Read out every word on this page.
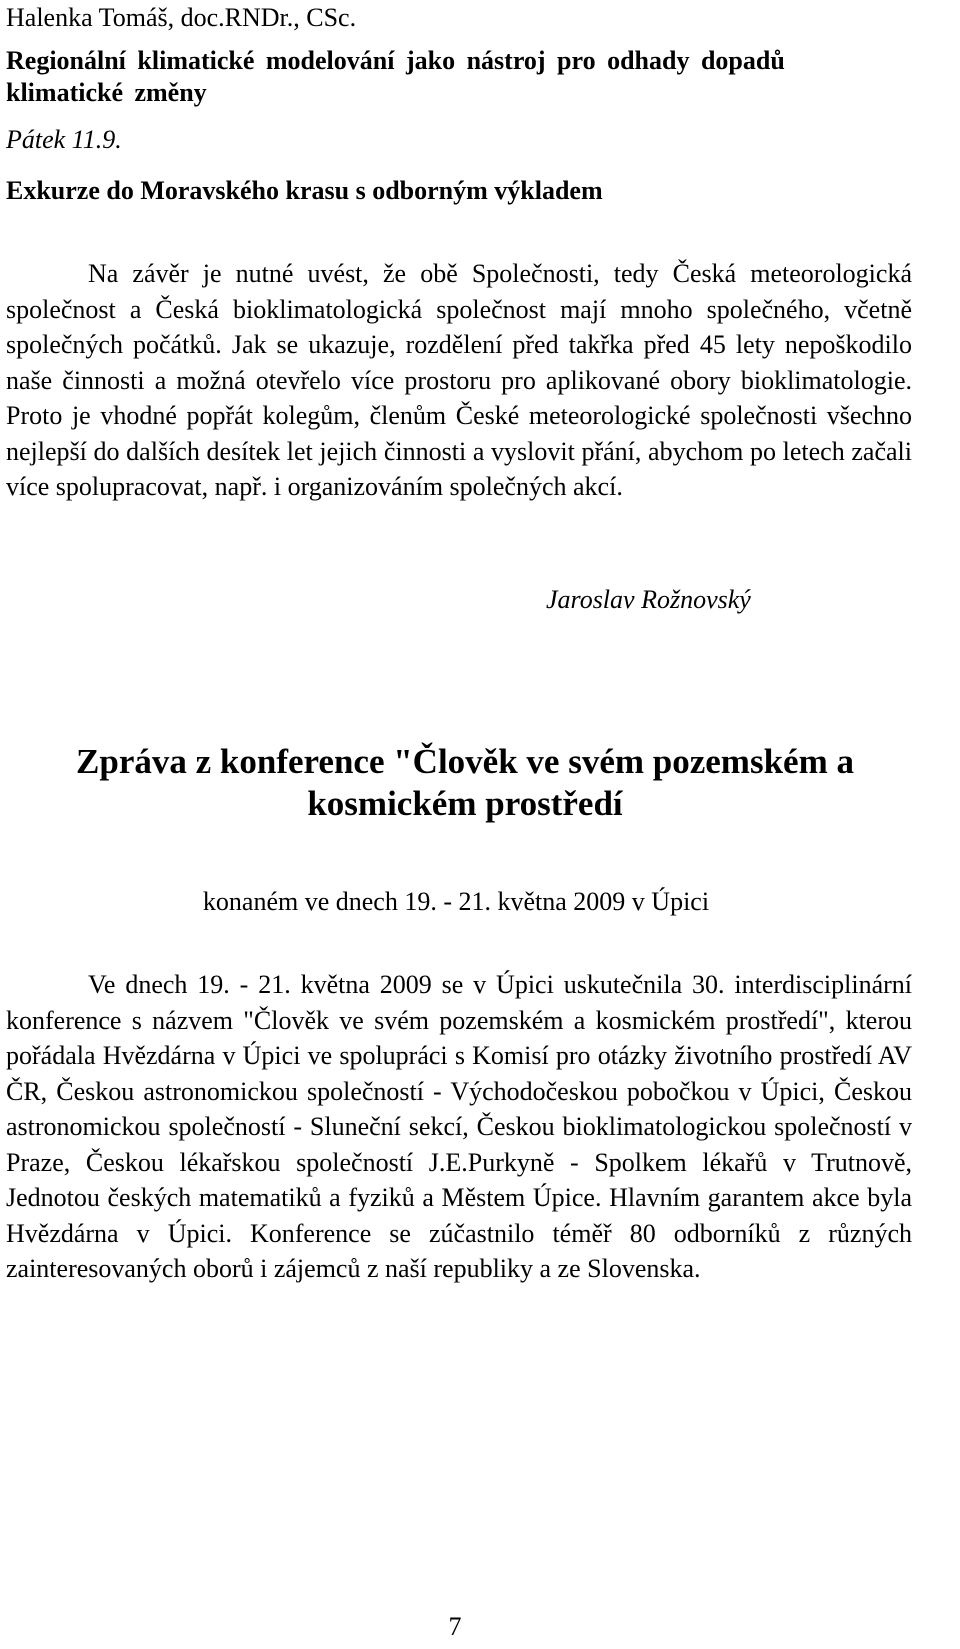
Halenka Tomáš, doc.RNDr., CSc.

Regionální klimatické modelování jako nástroj pro odhady dopadů klimatické změny

Pátek 11.9.

Exkurze do Moravského krasu s odborným výkladem

Na závěr je nutné uvést, že obě Společnosti, tedy Česká meteorologická společnost a Česká bioklimatologická společnost mají mnoho společného, včetně společných počátků. Jak se ukazuje, rozdělení před takřka před 45 lety nepoškodilo naše činnosti a možná otevřelo více prostoru pro aplikované obory bioklimatologie. Proto je vhodné popřát kolegům, členům České meteorologické společnosti všechno nejlepší do dalších desítek let jejich činnosti a vyslovit přání, abychom po letech začali více spolupracovat, např. i organizováním společných akcí.

Jaroslav Rožnovský

Zpráva z konference "Člověk ve svém pozemském a kosmickém prostředí

konaném ve dnech 19. - 21. května 2009 v Úpici

Ve dnech 19. - 21. května 2009 se v Úpici uskutečnila 30. interdisciplinární konference s názvem "Člověk ve svém pozemském a kosmickém prostředí", kterou pořádala Hvězdárna v Úpici ve spolupráci s Komisí pro otázky životního prostředí AV ČR, Českou astronomickou společností - Východočeskou pobočkou v Úpici, Českou astronomickou společností - Sluneční sekcí, Českou bioklimatologickou společností v Praze, Českou lékařskou společností J.E.Purkyně - Spolkem lékařů v Trutnově, Jednotou českých matematiků a fyziků a Městem Úpice. Hlavním garantem akce byla Hvězdárna v Úpici. Konference se zúčastnilo téměř 80 odborníků z různých zainteresovaných oborů i zájemců z naší republiky a ze Slovenska.

7
